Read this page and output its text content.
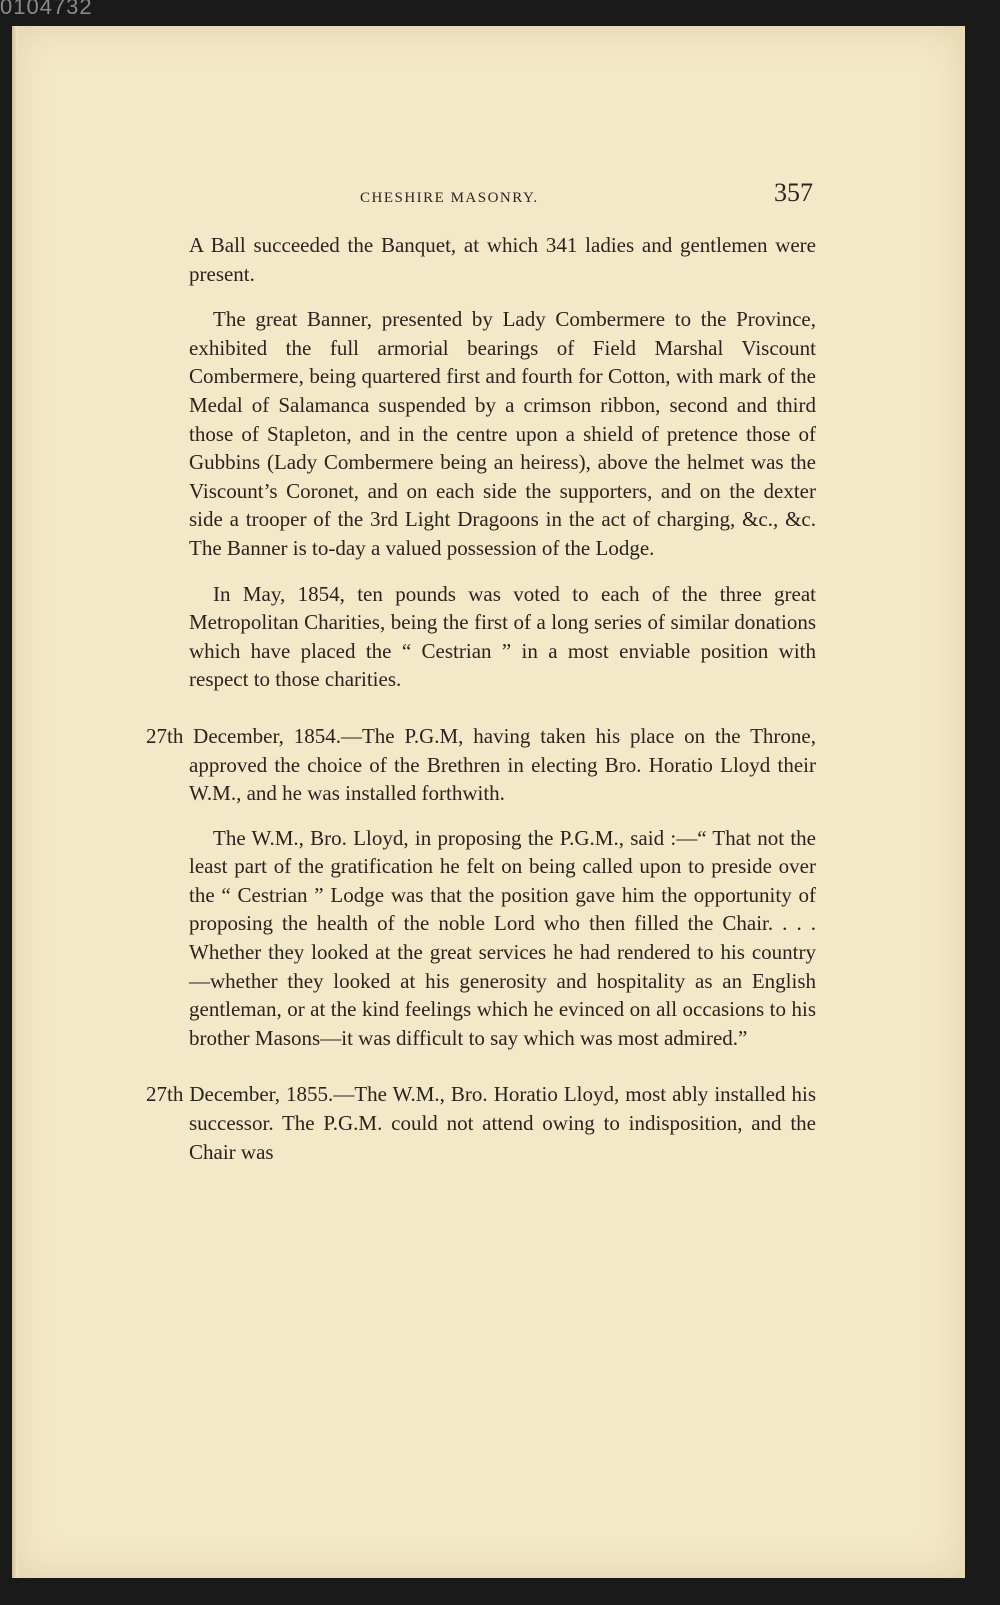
0104732
CHESHIRE MASONRY.	357

A Ball succeeded the Banquet, at which 341 ladies and gentlemen were present.

The great Banner, presented by Lady Combermere to the Province, exhibited the full armorial bearings of Field Marshal Viscount Combermere, being quartered first and fourth for Cotton, with mark of the Medal of Salamanca suspended by a crimson ribbon, second and third those of Stapleton, and in the centre upon a shield of pretence those of Gubbins (Lady Combermere being an heiress), above the helmet was the Viscount’s Coronet, and on each side the supporters, and on the dexter side a trooper of the 3rd Light Dragoons in the act of charging, &c., &c. The Banner is to-day a valued possession of the Lodge.

In May, 1854, ten pounds was voted to each of the three great Metropolitan Charities, being the first of a long series of similar donations which have placed the “ Cestrian ” in a most enviable position with respect to those charities.

27th December, 1854.—The P.G.M, having taken his place on the Throne, approved the choice of the Brethren in electing Bro. Horatio Lloyd their W.M., and he was installed forthwith.

The W.M., Bro. Lloyd, in proposing the P.G.M., said :—“ That not the least part of the gratification he felt on being called upon to preside over the “ Cestrian ” Lodge was that the position gave him the opportunity of proposing the health of the noble Lord who then filled the Chair. . . . Whether they looked at the great services he had rendered to his country—whether they looked at his generosity and hospitality as an English gentleman, or at the kind feelings which he evinced on all occasions to his brother Masons—it was difficult to say which was most admired.”

27th December, 1855.—The W.M., Bro. Horatio Lloyd, most ably installed his successor. The P.G.M. could not attend owing to indisposition, and the Chair was
